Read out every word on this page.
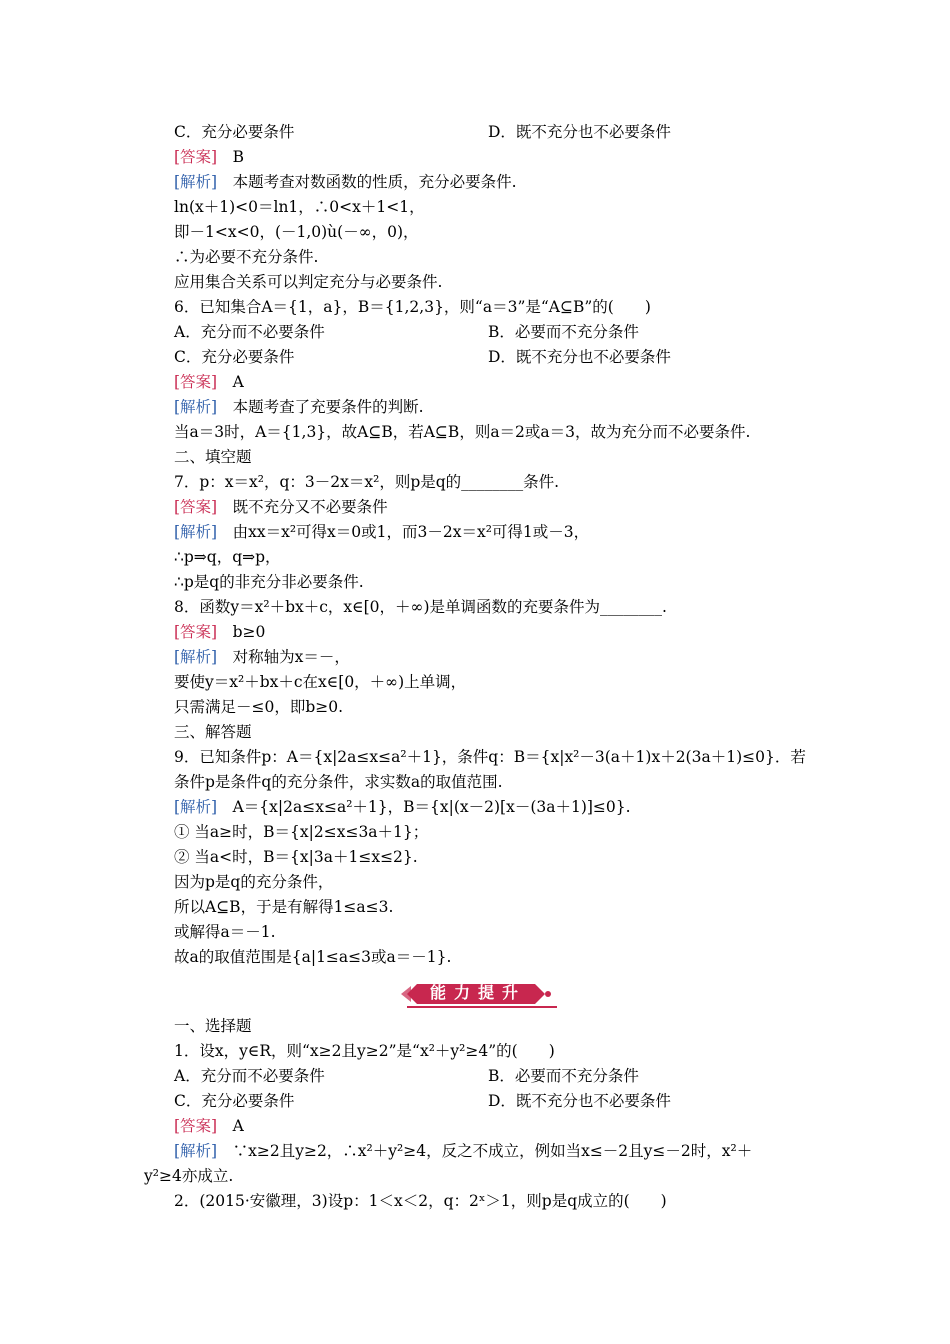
C．充分必要条件	D．既不充分也不必要条件
[答案]　B
[解析]　本题考查对数函数的性质，充分必要条件.
ln(x＋1)<0＝ln1，∴0<x＋1<1，
即－1<x<0，(－1,0)ù(－∞，0)，
∴为必要不充分条件.
应用集合关系可以判定充分与必要条件.
6．已知集合A＝{1，a}，B＝{1,2,3}，则“a＝3”是“A⊆B”的(　　)
A．充分而不必要条件	B．必要而不充分条件
C．充分必要条件	D．既不充分也不必要条件
[答案]　A
[解析]　本题考查了充要条件的判断.
当a＝3时，A＝{1,3}，故A⊆B，若A⊆B，则a＝2或a＝3，故为充分而不必要条件.
二、填空题
7．p：x＝x²，q：3－2x＝x²，则p是q的________条件.
[答案]　既不充分又不必要条件
[解析]　由xx＝x²可得x＝0或1，而3－2x＝x²可得1或－3，
∴p⇒q，q⇒p，
∴p是q的非充分非必要条件.
8．函数y＝x²＋bx＋c，x∈[0，＋∞)是单调函数的充要条件为________.
[答案]　b≥0
[解析]　对称轴为x＝－，
要使y＝x²＋bx＋c在x∈[0，＋∞)上单调，
只需满足－≤0，即b≥0.
三、解答题
9．已知条件p：A＝{x|2a≤x≤a²＋1}，条件q：B＝{x|x²－3(a＋1)x＋2(3a＋1)≤0}．若
条件p是条件q的充分条件，求实数a的取值范围.
[解析]　A＝{x|2a≤x≤a²＋1}，B＝{x|(x－2)[x－(3a＋1)]≤0}.
① 当a≥时，B＝{x|2≤x≤3a＋1}；
② 当a<时，B＝{x|3a＋1≤x≤2}.
因为p是q的充分条件，
所以A⊆B，于是有解得1≤a≤3.
或解得a＝－1.
故a的取值范围是{a|1≤a≤3或a＝－1}.
能力提升
一、选择题
1．设x，y∈R，则“x≥2且y≥2”是“x²＋y²≥4”的(　　)
A．充分而不必要条件	B．必要而不充分条件
C．充分必要条件	D．既不充分也不必要条件
[答案]　A
[解析]　∵x≥2且y≥2，∴x²＋y²≥4，反之不成立，例如当x≤－2且y≤－2时，x²＋
y²≥4亦成立.
2．(2015·安徽理，3)设p：1＜x＜2，q：2ˣ＞1，则p是q成立的(　　)
